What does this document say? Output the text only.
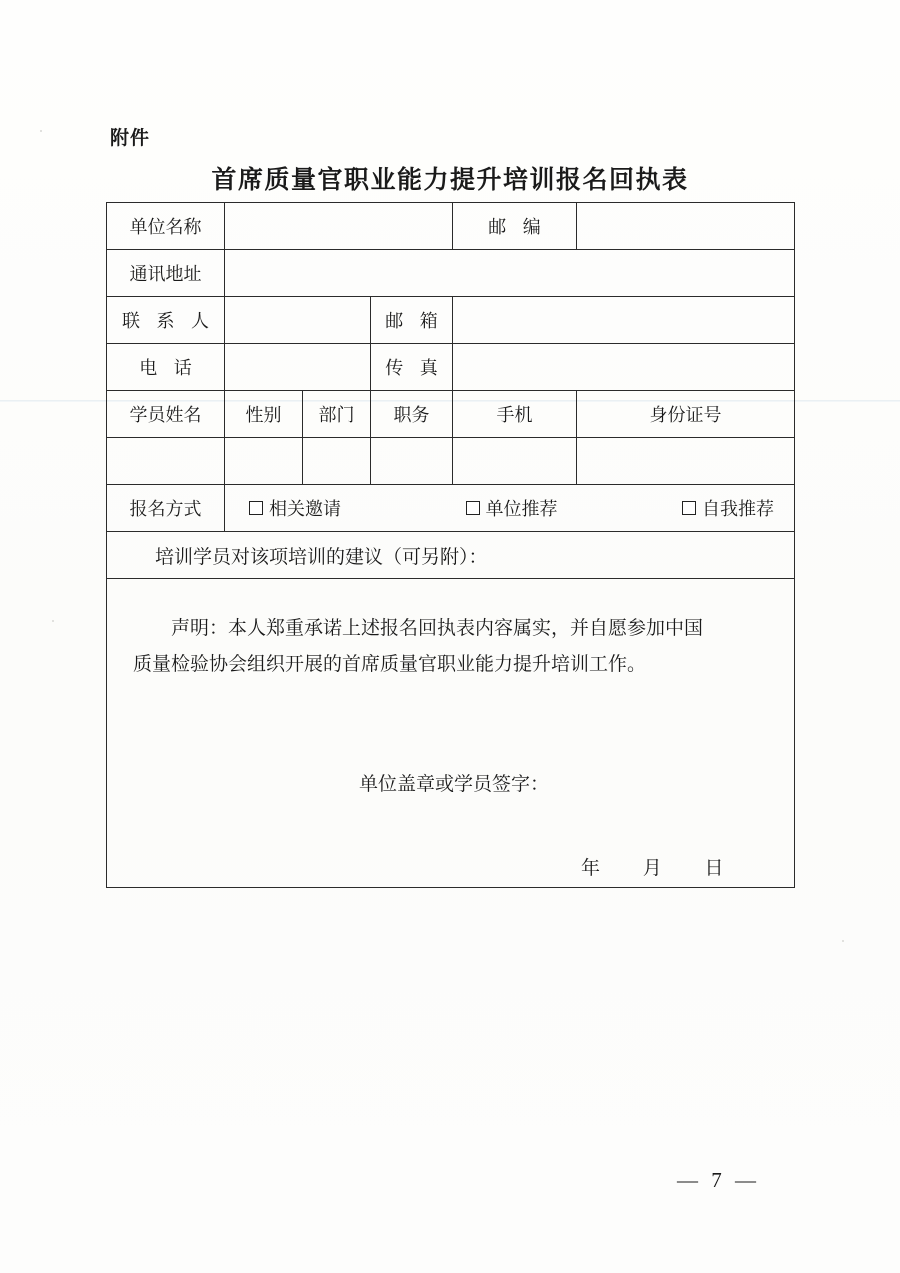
附件
首席质量官职业能力提升培训报名回执表
单位名称				邮 编	
通讯地址					
联 系 人			邮 箱		
电 话			传 真		
学员姓名	性别	部门	职务	手机	身份证号

报名方式	相关邀请 单位推荐 自我推荐				

培训学员对该项培训的建议（可另附）：					

声明：本人郑重承诺上述报名回执表内容属实，并自愿参加中国
质量检验协会组织开展的首席质量官职业能力提升培训工作。
单位盖章或学员签字：
年 月 日					
— 7 —
